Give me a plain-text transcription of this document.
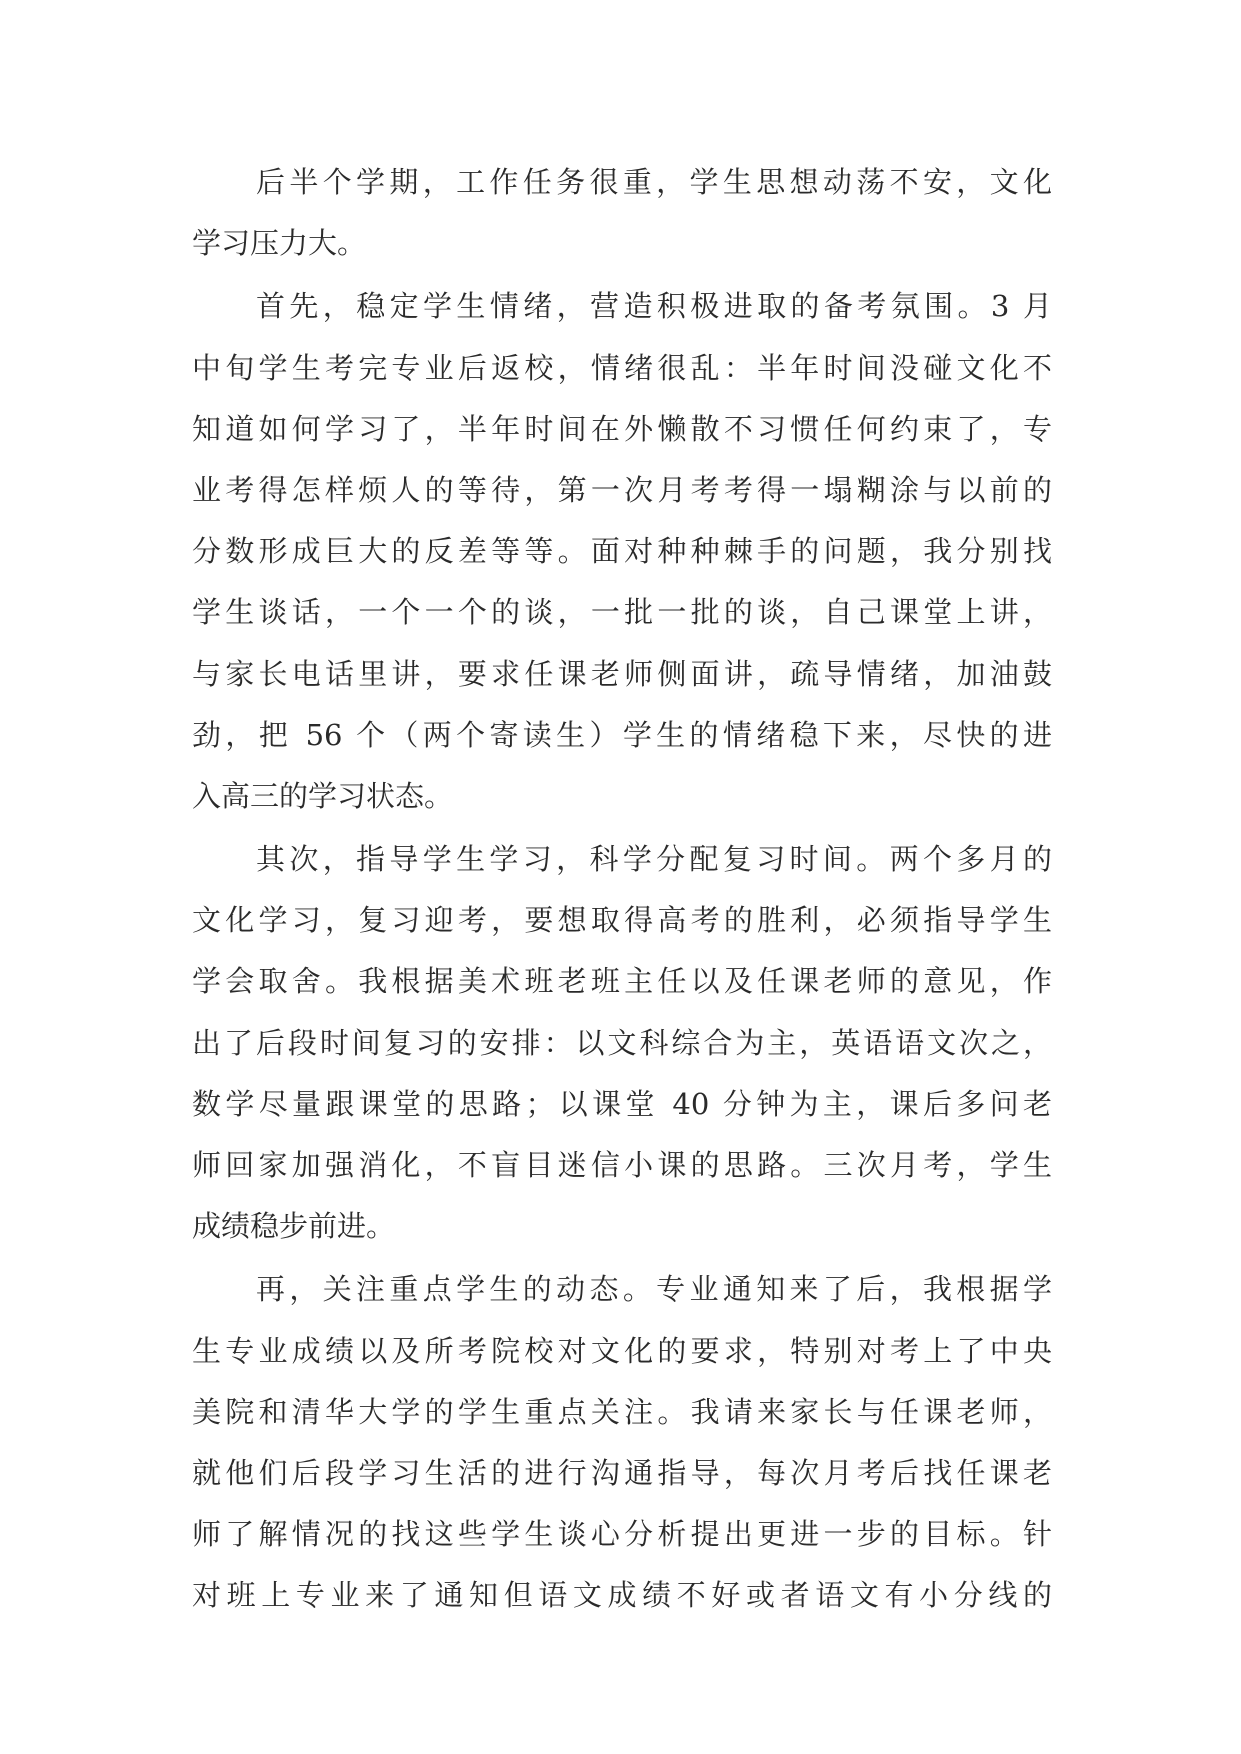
后半个学期，工作任务很重，学生思想动荡不安，文化
学习压力大。
首先，稳定学生情绪，营造积极进取的备考氛围。3 月
中旬学生考完专业后返校，情绪很乱：半年时间没碰文化不
知道如何学习了，半年时间在外懒散不习惯任何约束了，专
业考得怎样烦人的等待，第一次月考考得一塌糊涂与以前的
分数形成巨大的反差等等。面对种种棘手的问题，我分别找
学生谈话，一个一个的谈，一批一批的谈，自己课堂上讲，
与家长电话里讲，要求任课老师侧面讲，疏导情绪，加油鼓
劲，把 56 个（两个寄读生）学生的情绪稳下来，尽快的进
入高三的学习状态。
其次，指导学生学习，科学分配复习时间。两个多月的
文化学习，复习迎考，要想取得高考的胜利，必须指导学生
学会取舍。我根据美术班老班主任以及任课老师的意见，作
出了后段时间复习的安排：以文科综合为主，英语语文次之，
数学尽量跟课堂的思路；以课堂 40 分钟为主，课后多问老
师回家加强消化，不盲目迷信小课的思路。三次月考，学生
成绩稳步前进。
再，关注重点学生的动态。专业通知来了后，我根据学
生专业成绩以及所考院校对文化的要求，特别对考上了中央
美院和清华大学的学生重点关注。我请来家长与任课老师，
就他们后段学习生活的进行沟通指导，每次月考后找任课老
师了解情况的找这些学生谈心分析提出更进一步的目标。针
对班上专业来了通知但语文成绩不好或者语文有小分线的
